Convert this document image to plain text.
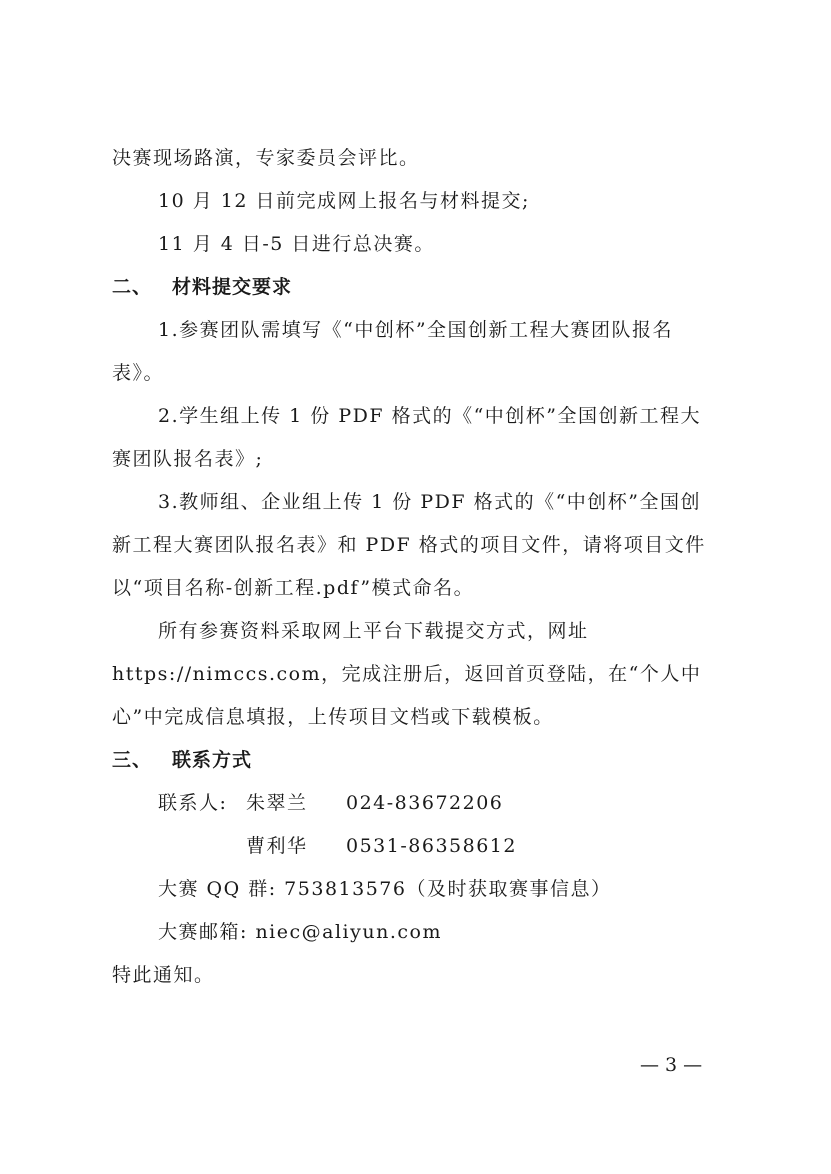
决赛现场路演，专家委员会评比。
10 月 12 日前完成网上报名与材料提交;
11 月 4 日-5 日进行总决赛。
二、 材料提交要求
1.参赛团队需填写《“中创杯”全国创新工程大赛团队报名
表》。
2.学生组上传 1 份 PDF 格式的《“中创杯”全国创新工程大
赛团队报名表》;
3.教师组、企业组上传 1 份 PDF 格式的《“中创杯”全国创
新工程大赛团队报名表》和 PDF 格式的项目文件，请将项目文件
以“项目名称-创新工程.pdf”模式命名。
所有参赛资料采取网上平台下载提交方式，网址
https://nimccs.com，完成注册后，返回首页登陆，在“个人中
心”中完成信息填报，上传项目文档或下载模板。
三、 联系方式
联系人: 朱翠兰 024-83672206
曹利华 0531-86358612
大赛 QQ 群: 753813576（及时获取赛事信息）
大赛邮箱: niec@aliyun.com
特此通知。
— 3 —
